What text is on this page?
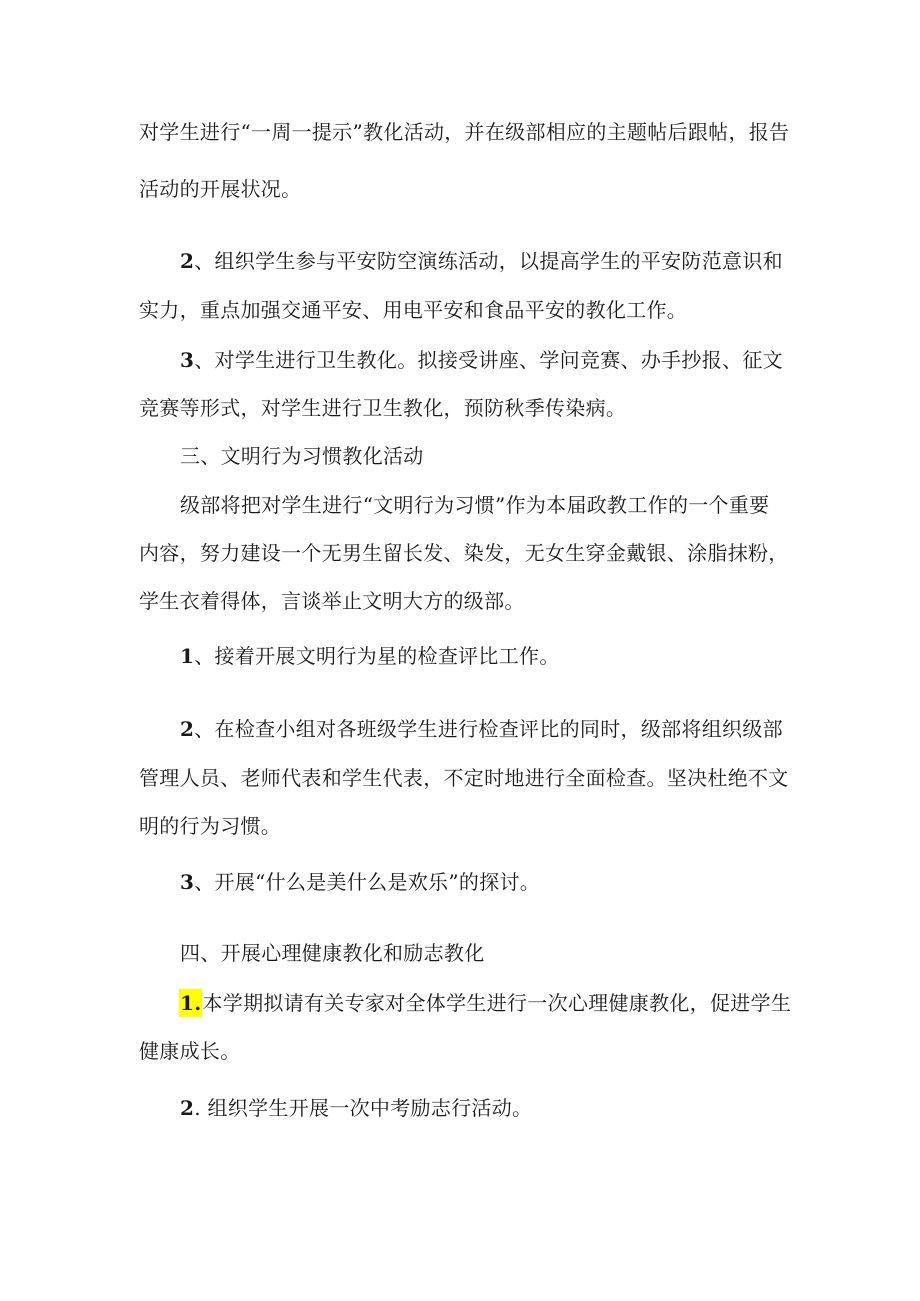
对学生进行“一周一提示”教化活动，并在级部相应的主题帖后跟帖，报告
活动的开展状况。
2、组织学生参与平安防空演练活动，以提高学生的平安防范意识和
实力，重点加强交通平安、用电平安和食品平安的教化工作。
3、对学生进行卫生教化。拟接受讲座、学问竞赛、办手抄报、征文
竞赛等形式，对学生进行卫生教化，预防秋季传染病。
三、文明行为习惯教化活动
级部将把对学生进行“文明行为习惯”作为本届政教工作的一个重要
内容，努力建设一个无男生留长发、染发，无女生穿金戴银、涂脂抹粉，
学生衣着得体，言谈举止文明大方的级部。
1、接着开展文明行为星的检查评比工作。
2、在检查小组对各班级学生进行检查评比的同时，级部将组织级部
管理人员、老师代表和学生代表，不定时地进行全面检查。坚决杜绝不文
明的行为习惯。
3、开展“什么是美什么是欢乐”的探讨。
四、开展心理健康教化和励志教化
1.本学期拟请有关专家对全体学生进行一次心理健康教化，促进学生
健康成长。
2. 组织学生开展一次中考励志行活动。
